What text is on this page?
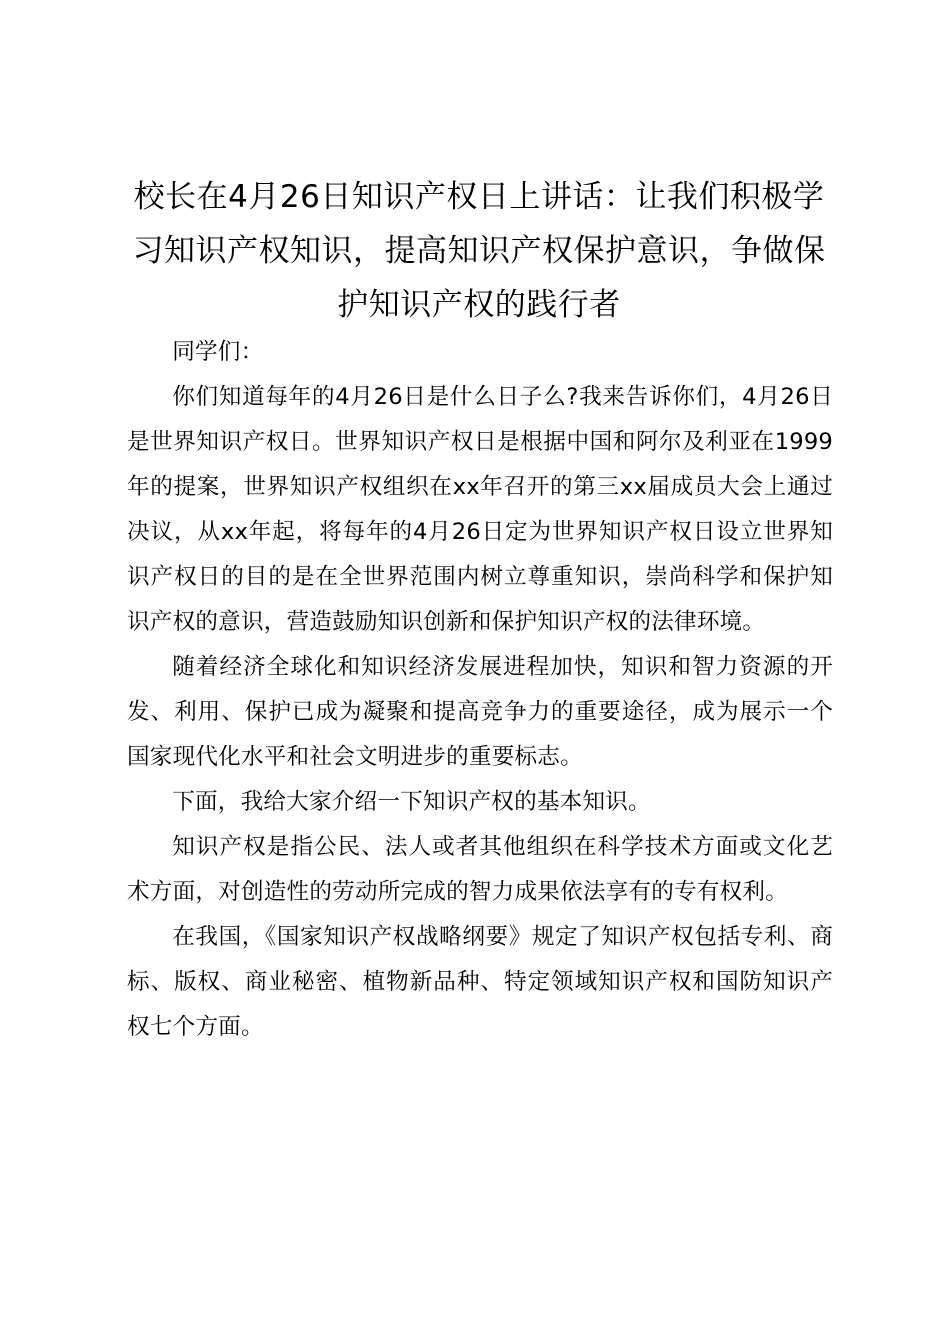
校长在4月26日知识产权日上讲话：让我们积极学习知识产权知识，提高知识产权保护意识，争做保护知识产权的践行者

同学们：

你们知道每年的4月26日是什么日子么?我来告诉你们，4月26日是世界知识产权日。世界知识产权日是根据中国和阿尔及利亚在1999年的提案，世界知识产权组织在xx年召开的第三xx届成员大会上通过决议，从xx年起，将每年的4月26日定为世界知识产权日设立世界知识产权日的目的是在全世界范围内树立尊重知识，崇尚科学和保护知识产权的意识，营造鼓励知识创新和保护知识产权的法律环境。

随着经济全球化和知识经济发展进程加快，知识和智力资源的开发、利用、保护已成为凝聚和提高竞争力的重要途径，成为展示一个国家现代化水平和社会文明进步的重要标志。

下面，我给大家介绍一下知识产权的基本知识。

知识产权是指公民、法人或者其他组织在科学技术方面或文化艺术方面，对创造性的劳动所完成的智力成果依法享有的专有权利。

在我国，《国家知识产权战略纲要》规定了知识产权包括专利、商标、版权、商业秘密、植物新品种、特定领域知识产权和国防知识产权七个方面。
